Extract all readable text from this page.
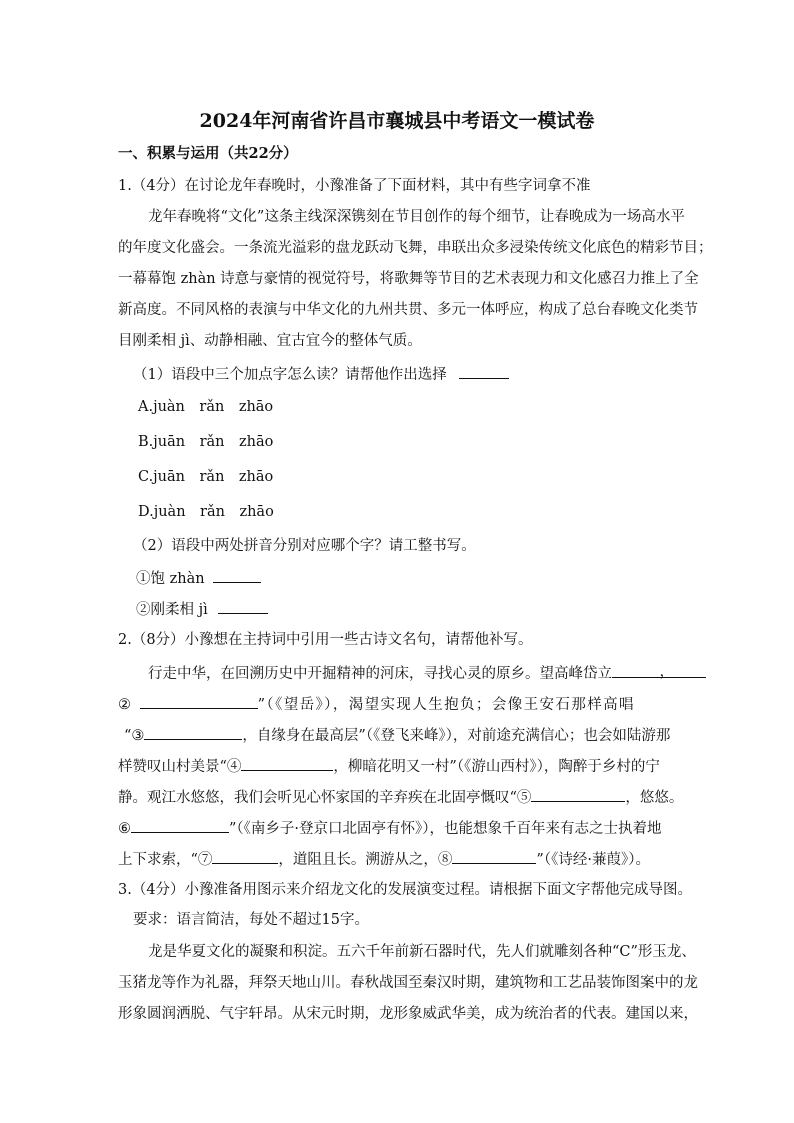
2024年河南省许昌市襄城县中考语文一模试卷
一、积累与运用（共22分）
1.（4分）在讨论龙年春晚时，小豫准备了下面材料，其中有些字词拿不准
龙年春晚将“文化”这条主线深深镌刻在节目创作的每个细节，让春晚成为一场高水平
的年度文化盛会。一条流光溢彩的盘龙跃动飞舞，串联出众多浸染传统文化底色的精彩节目；
一幕幕饱 zhàn 诗意与豪情的视觉符号，将歌舞等节目的艺术表现力和文化感召力推上了全
新高度。不同风格的表演与中华文化的九州共贯、多元一体呼应，构成了总台春晚文化类节
目刚柔相 jì、动静相融、宜古宜今的整体气质。
（1）语段中三个加点字怎么读？请帮他作出选择
A.juàn　rǎn　zhāo
B.juān　rǎn　zhāo
C.juān　rǎn　zhāo
D.juàn　rǎn　zhāo
（2）语段中两处拼音分别对应哪个字？请工整书写。
①饱 zhàn
②刚柔相 jì
2.（8分）小豫想在主持词中引用一些古诗文名句，请帮他补写。
行走中华，在回溯历史中开掘精神的河床，寻找心灵的原乡。望高峰岱立	，
②	”（《望岳》），渴望实现人生抱负；会像王安石那样高唱
“③	，自缘身在最高层”（《登飞来峰》），对前途充满信心；也会如陆游那
样赞叹山村美景“④	，柳暗花明又一村”（《游山西村》），陶醉于乡村的宁
静。观江水悠悠，我们会听见心怀家国的辛弃疾在北固亭慨叹“⑤	，悠悠。
⑥	”（《南乡子·登京口北固亭有怀》），也能想象千百年来有志之士执着地
上下求索，“⑦	，道阻且长。溯游从之，⑧	”（《诗经·蒹葭》）。
3.（4分）小豫准备用图示来介绍龙文化的发展演变过程。请根据下面文字帮他完成导图。
要求：语言简洁，每处不超过15字。
龙是华夏文化的凝聚和积淀。五六千年前新石器时代，先人们就雕刻各种“C”形玉龙、
玉猪龙等作为礼器，拜祭天地山川。春秋战国至秦汉时期，建筑物和工艺品装饰图案中的龙
形象圆润洒脱、气宇轩昂。从宋元时期，龙形象威武华美，成为统治者的代表。建国以来，
